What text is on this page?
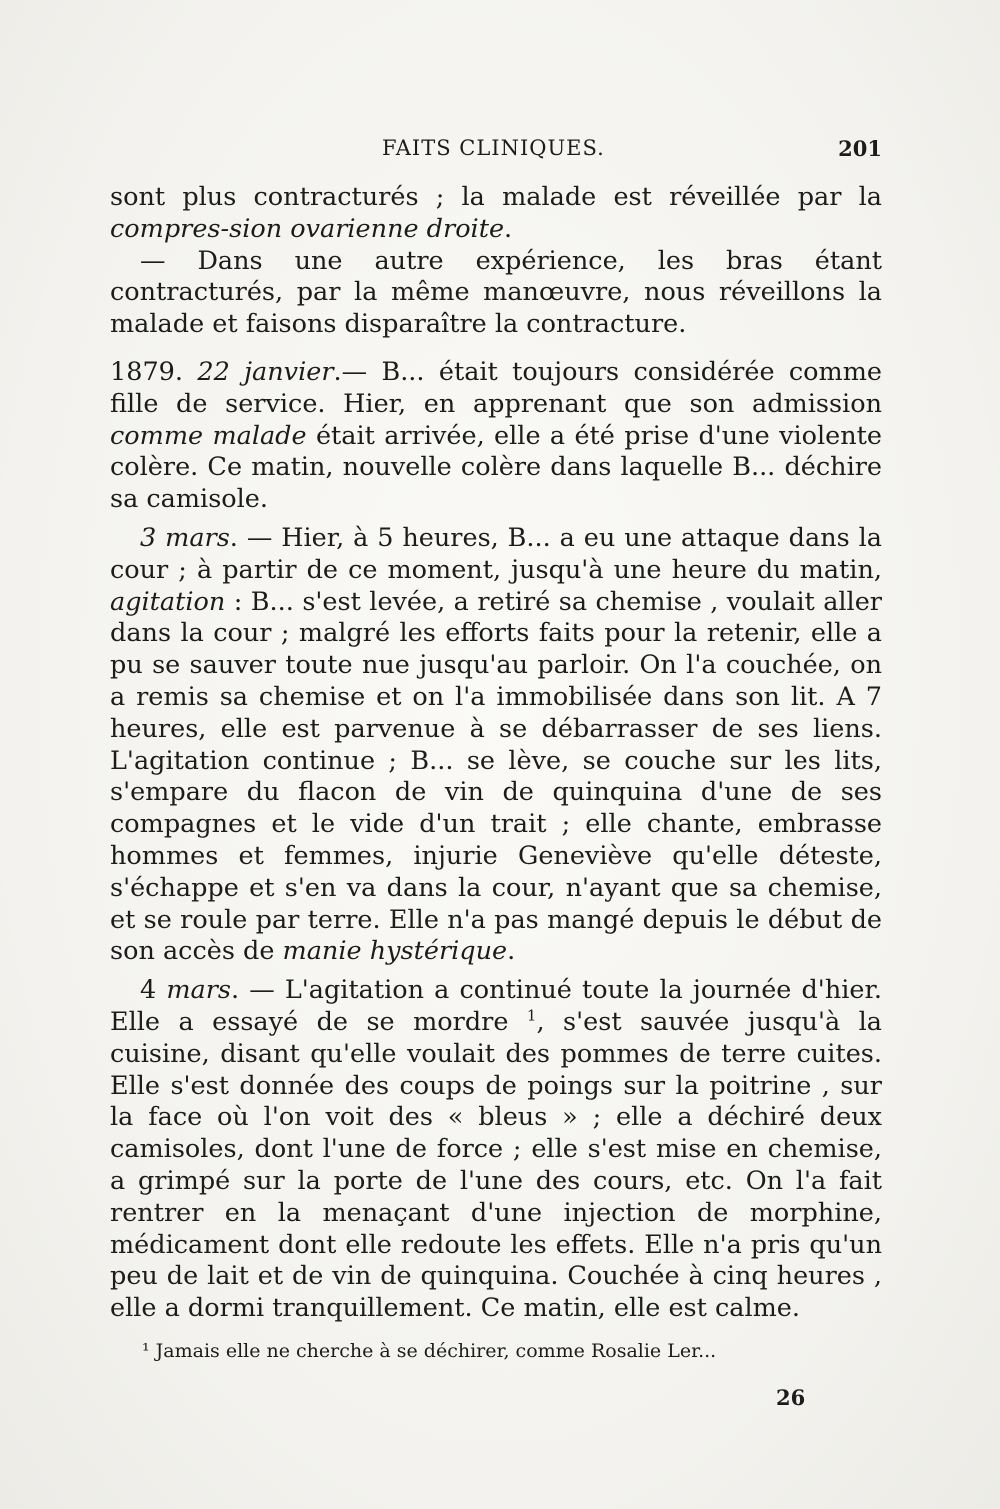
FAITS CLINIQUES.	201

sont plus contracturés ; la malade est réveillée par la compres-sion ovarienne droite.

— Dans une autre expérience, les bras étant contracturés, par la même manœuvre, nous réveillons la malade et faisons disparaître la contracture.

1879. 22 janvier.— B... était toujours considérée comme fille de service. Hier, en apprenant que son admission comme malade était arrivée, elle a été prise d'une violente colère. Ce matin, nouvelle colère dans laquelle B... déchire sa camisole.

3 mars. — Hier, à 5 heures, B... a eu une attaque dans la cour ; à partir de ce moment, jusqu'à une heure du matin, agitation : B... s'est levée, a retiré sa chemise , voulait aller dans la cour ; malgré les efforts faits pour la retenir, elle a pu se sauver toute nue jusqu'au parloir. On l'a couchée, on a remis sa chemise et on l'a immobilisée dans son lit. A 7 heures, elle est parvenue à se débarrasser de ses liens. L'agitation continue ; B... se lève, se couche sur les lits, s'empare du flacon de vin de quinquina d'une de ses compagnes et le vide d'un trait ; elle chante, embrasse hommes et femmes, injurie Geneviève qu'elle déteste, s'échappe et s'en va dans la cour, n'ayant que sa chemise, et se roule par terre. Elle n'a pas mangé depuis le début de son accès de manie hystérique.

4 mars. — L'agitation a continué toute la journée d'hier. Elle a essayé de se mordre $^1$, s'est sauvée jusqu'à la cuisine, disant qu'elle voulait des pommes de terre cuites. Elle s'est donnée des coups de poings sur la poitrine , sur la face où l'on voit des « bleus » ; elle a déchiré deux camisoles, dont l'une de force ; elle s'est mise en chemise, a grimpé sur la porte de l'une des cours, etc. On l'a fait rentrer en la menaçant d'une injection de morphine, médicament dont elle redoute les effets. Elle n'a pris qu'un peu de lait et de vin de quinquina. Couchée à cinq heures , elle a dormi tranquillement. Ce matin, elle est calme.

¹ Jamais elle ne cherche à se déchirer, comme Rosalie Ler...
26
